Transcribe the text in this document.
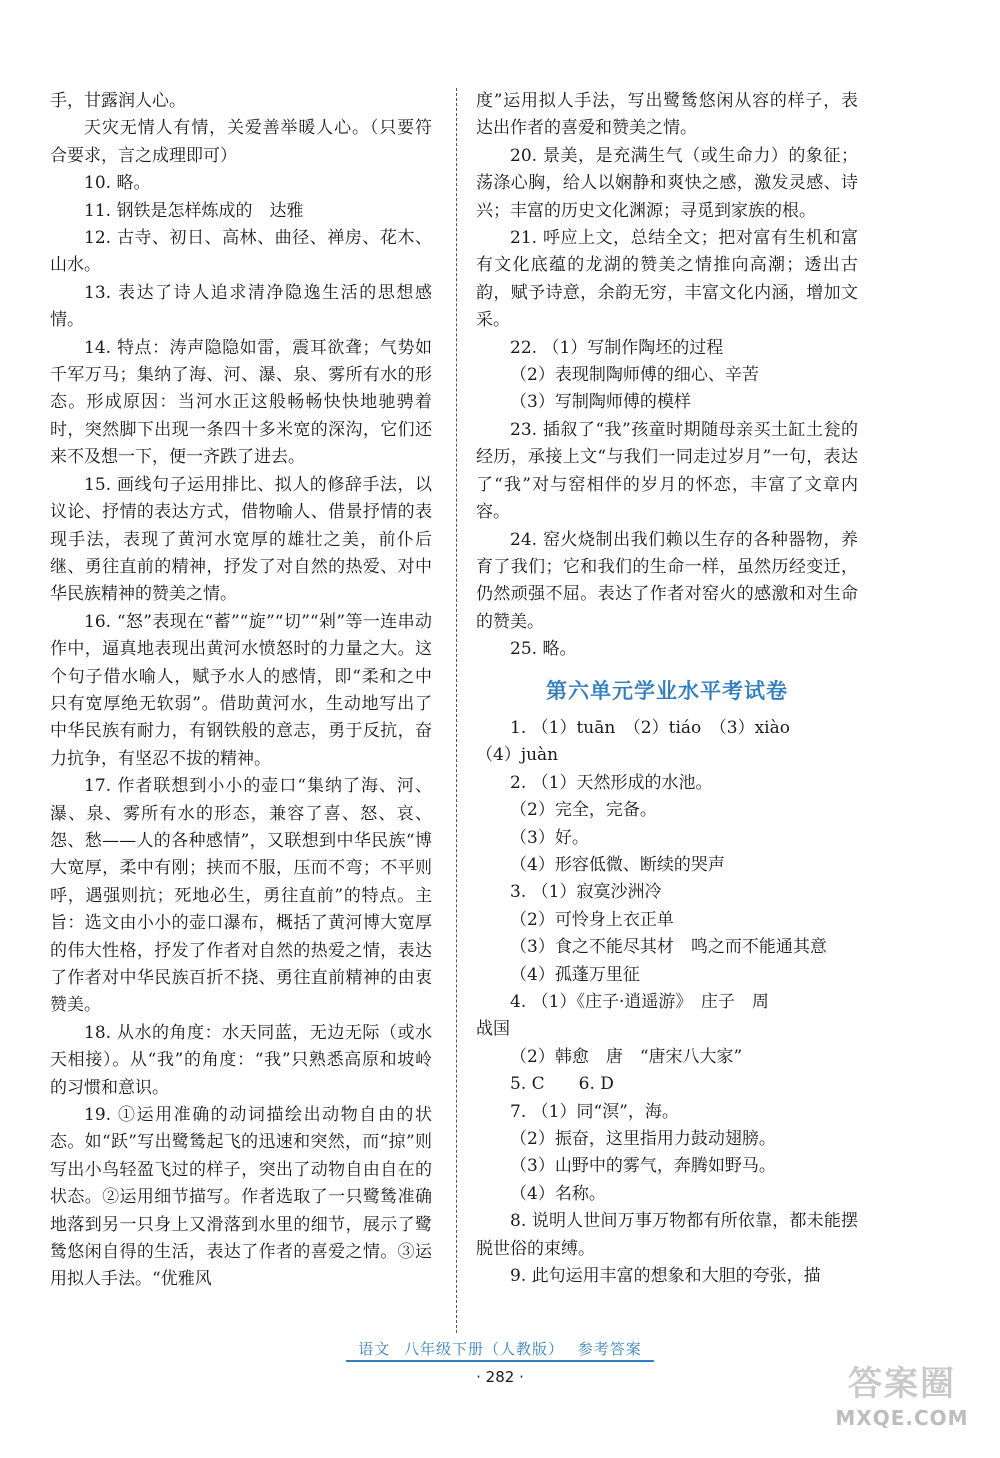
手，甘露润人心。

天灾无情人有情，关爱善举暖人心。（只要符合要求，言之成理即可）

10. 略。

11. 钢铁是怎样炼成的　达雅

12. 古寺、初日、高林、曲径、禅房、花木、山水。

13. 表达了诗人追求清净隐逸生活的思想感情。

14. 特点：涛声隐隐如雷，震耳欲聋；气势如千军万马；集纳了海、河、瀑、泉、雾所有水的形态。形成原因：当河水正这般畅畅快快地驰骋着时，突然脚下出现一条四十多米宽的深沟，它们还来不及想一下，便一齐跌了进去。

15. 画线句子运用排比、拟人的修辞手法，以议论、抒情的表达方式，借物喻人、借景抒情的表现手法，表现了黄河水宽厚的雄壮之美，前仆后继、勇往直前的精神，抒发了对自然的热爱、对中华民族精神的赞美之情。

16. “怒”表现在“蓄”“旋”“切”“剁”等一连串动作中，逼真地表现出黄河水愤怒时的力量之大。这个句子借水喻人，赋予水人的感情，即“柔和之中只有宽厚绝无软弱”。借助黄河水，生动地写出了中华民族有耐力，有钢铁般的意志，勇于反抗，奋力抗争，有坚忍不拔的精神。

17. 作者联想到小小的壶口“集纳了海、河、瀑、泉、雾所有水的形态，兼容了喜、怒、哀、怨、愁——人的各种感情”，又联想到中华民族“博大宽厚，柔中有刚；挟而不服，压而不弯；不平则呼，遇强则抗；死地必生，勇往直前”的特点。主旨：选文由小小的壶口瀑布，概括了黄河博大宽厚的伟大性格，抒发了作者对自然的热爱之情，表达了作者对中华民族百折不挠、勇往直前精神的由衷赞美。

18. 从水的角度：水天同蓝，无边无际（或水天相接）。从“我”的角度：“我”只熟悉高原和坡岭的习惯和意识。

19. ①运用准确的动词描绘出动物自由的状态。如“跃”写出鹭鸶起飞的迅速和突然，而“掠”则写出小鸟轻盈飞过的样子，突出了动物自由自在的状态。②运用细节描写。作者选取了一只鹭鸶准确地落到另一只身上又滑落到水里的细节，展示了鹭鸶悠闲自得的生活，表达了作者的喜爱之情。③运用拟人手法。“优雅风

度”运用拟人手法，写出鹭鸶悠闲从容的样子，表达出作者的喜爱和赞美之情。

20. 景美，是充满生气（或生命力）的象征；荡涤心胸，给人以娴静和爽快之感，激发灵感、诗兴；丰富的历史文化渊源；寻觅到家族的根。

21. 呼应上文，总结全文；把对富有生机和富有文化底蕴的龙湖的赞美之情推向高潮；透出古韵，赋予诗意，余韵无穷，丰富文化内涵，增加文采。

22. （1）写制作陶坯的过程

（2）表现制陶师傅的细心、辛苦

（3）写制陶师傅的模样

23. 插叙了“我”孩童时期随母亲买土缸土瓮的经历，承接上文“与我们一同走过岁月”一句，表达了“我”对与窑相伴的岁月的怀恋，丰富了文章内容。

24. 窑火烧制出我们赖以生存的各种器物，养育了我们；它和我们的生命一样，虽然历经变迁，仍然顽强不屈。表达了作者对窑火的感激和对生命的赞美。

25. 略。

第六单元学业水平考试卷

1. （1）tuān　（2）tiáo　（3）xiào

（4）juàn

2. （1）天然形成的水池。

（2）完全，完备。

（3）好。

（4）形容低微、断续的哭声

3. （1）寂寞沙洲冷

（2）可怜身上衣正单

（3）食之不能尽其材　鸣之而不能通其意

（4）孤蓬万里征

4. （1）《庄子·逍遥游》　庄子　周

战国

（2）韩愈　唐　“唐宋八大家”

5. C　　6. D

7. （1）同“溟”，海。

（2）振奋，这里指用力鼓动翅膀。

（3）山野中的雾气，奔腾如野马。

（4）名称。

8. 说明人世间万事万物都有所依靠，都未能摆脱世俗的束缚。

9. 此句运用丰富的想象和大胆的夸张，描

语文 八年级下册（人教版） 参考答案
· 282 ·	答案圈
MXQE.COM
